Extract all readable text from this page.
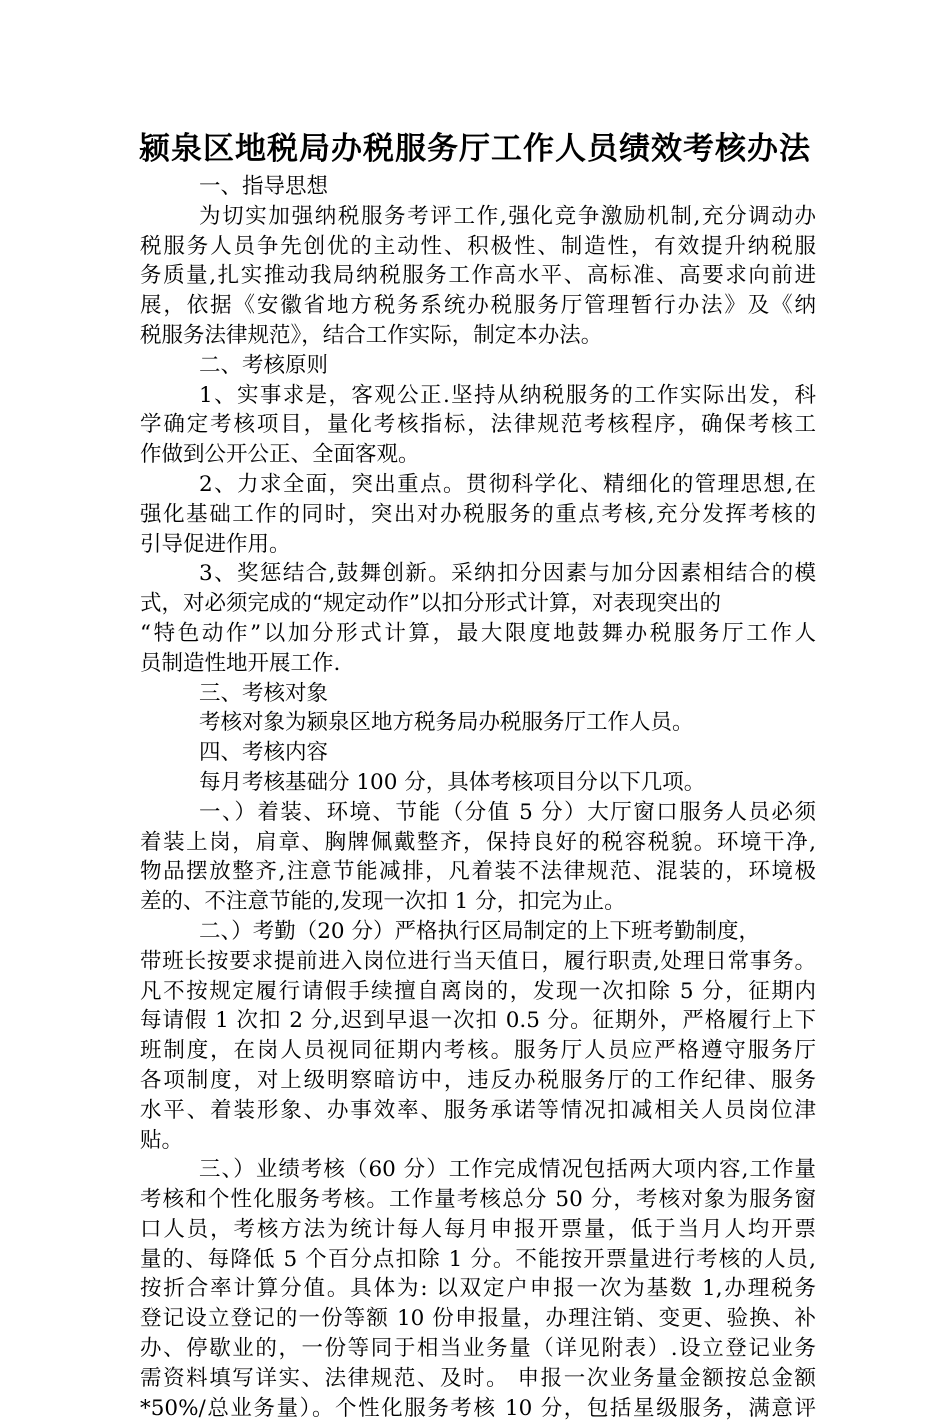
颍泉区地税局办税服务厅工作人员绩效考核办法
一、指导思想
为切实加强纳税服务考评工作,强化竞争激励机制,充分调动办
税服务人员争先创优的主动性、积极性、制造性，有效提升纳税服
务质量,扎实推动我局纳税服务工作高水平、高标准、高要求向前进
展，依据《安徽省地方税务系统办税服务厅管理暂行办法》及《纳
税服务法律规范》，结合工作实际，制定本办法。
二、考核原则
1、实事求是，客观公正.坚持从纳税服务的工作实际出发，科
学确定考核项目，量化考核指标，法律规范考核程序，确保考核工
作做到公开公正、全面客观。
2、力求全面，突出重点。贯彻科学化、精细化的管理思想,在
强化基础工作的同时，突出对办税服务的重点考核,充分发挥考核的
引导促进作用。
3、奖惩结合,鼓舞创新。采纳扣分因素与加分因素相结合的模
式，对必须完成的“规定动作”以扣分形式计算，对表现突出的
“特色动作”以加分形式计算，最大限度地鼓舞办税服务厅工作人
员制造性地开展工作.
三、考核对象
考核对象为颍泉区地方税务局办税服务厅工作人员。
四、考核内容
每月考核基础分 100 分，具体考核项目分以下几项。
一、）着装、环境、节能（分值 5 分）大厅窗口服务人员必须
着装上岗，肩章、胸牌佩戴整齐，保持良好的税容税貌。环境干净,
物品摆放整齐,注意节能减排，凡着装不法律规范、混装的，环境极
差的、不注意节能的,发现一次扣 1 分，扣完为止。
二、）考勤（20 分）严格执行区局制定的上下班考勤制度，
带班长按要求提前进入岗位进行当天值日，履行职责,处理日常事务。
凡不按规定履行请假手续擅自离岗的，发现一次扣除 5 分，征期内
每请假 1 次扣 2 分,迟到早退一次扣 0.5 分。征期外，严格履行上下
班制度，在岗人员视同征期内考核。服务厅人员应严格遵守服务厅
各项制度，对上级明察暗访中，违反办税服务厅的工作纪律、服务
水平、着装形象、办事效率、服务承诺等情况扣减相关人员岗位津
贴。
三、）业绩考核（60 分）工作完成情况包括两大项内容,工作量
考核和个性化服务考核。工作量考核总分 50 分，考核对象为服务窗
口人员，考核方法为统计每人每月申报开票量，低于当月人均开票
量的、每降低 5 个百分点扣除 1 分。不能按开票量进行考核的人员,
按折合率计算分值。具体为: 以双定户申报一次为基数 1,办理税务
登记设立登记的一份等额 10 份申报量，办理注销、变更、验换、补
办、停歇业的，一份等同于相当业务量（详见附表）.设立登记业务
需资料填写详实、法律规范、及时。 申报一次业务量金额按总金额
*50%/总业务量）。个性化服务考核 10 分，包括星级服务，满意评
